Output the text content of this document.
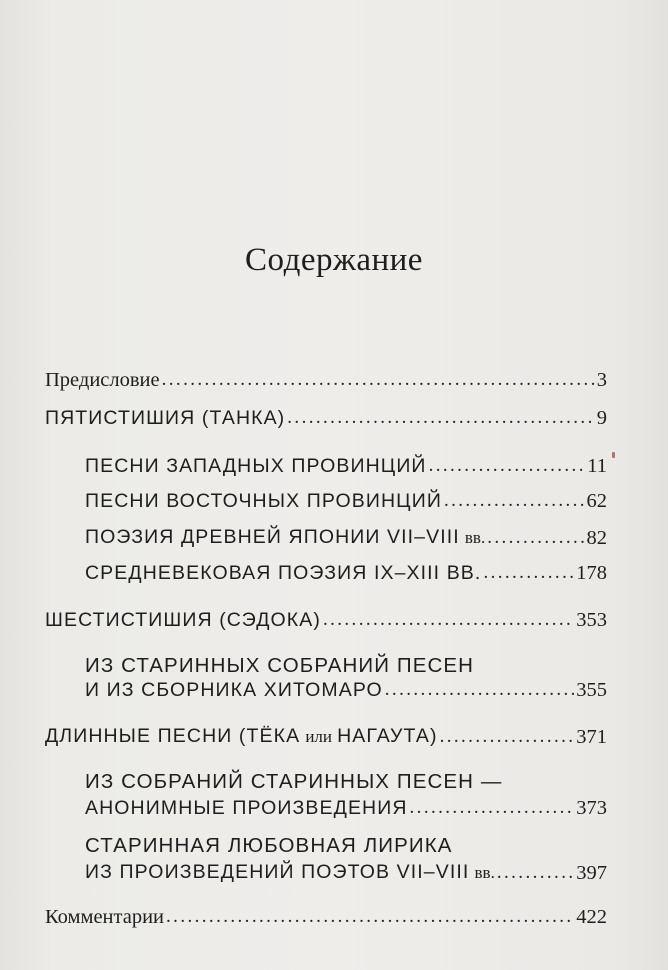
Содержание
Предисловие .....	3
ПЯТИСТИШИЯ (ТАНКА) .....	9
ПЕСНИ ЗАПАДНЫХ ПРОВИНЦИЙ .....	11
ПЕСНИ ВОСТОЧНЫХ ПРОВИНЦИЙ .....	62
ПОЭЗИЯ ДРЕВНЕЙ ЯПОНИИ VII–VIII вв. .....	82
СРЕДНЕВЕКОВАЯ ПОЭЗИЯ IX–XIII ВВ. .....	178
ШЕСТИСТИШИЯ (СЭДОКА) .....	353
ИЗ СТАРИННЫХ СОБРАНИЙ ПЕСЕН
И ИЗ СБОРНИКА ХИТОМАРО .....	355
ДЛИННЫЕ ПЕСНИ (ТЁКА или НАГАУТА) .....	371
ИЗ СОБРАНИЙ СТАРИННЫХ ПЕСЕН —
АНОНИМНЫЕ ПРОИЗВЕДЕНИЯ .....	373
СТАРИННАЯ ЛЮБОВНАЯ ЛИРИКА
ИЗ ПРОИЗВЕДЕНИЙ ПОЭТОВ VII–VIII вв. .....	397
Комментарии .....	422
